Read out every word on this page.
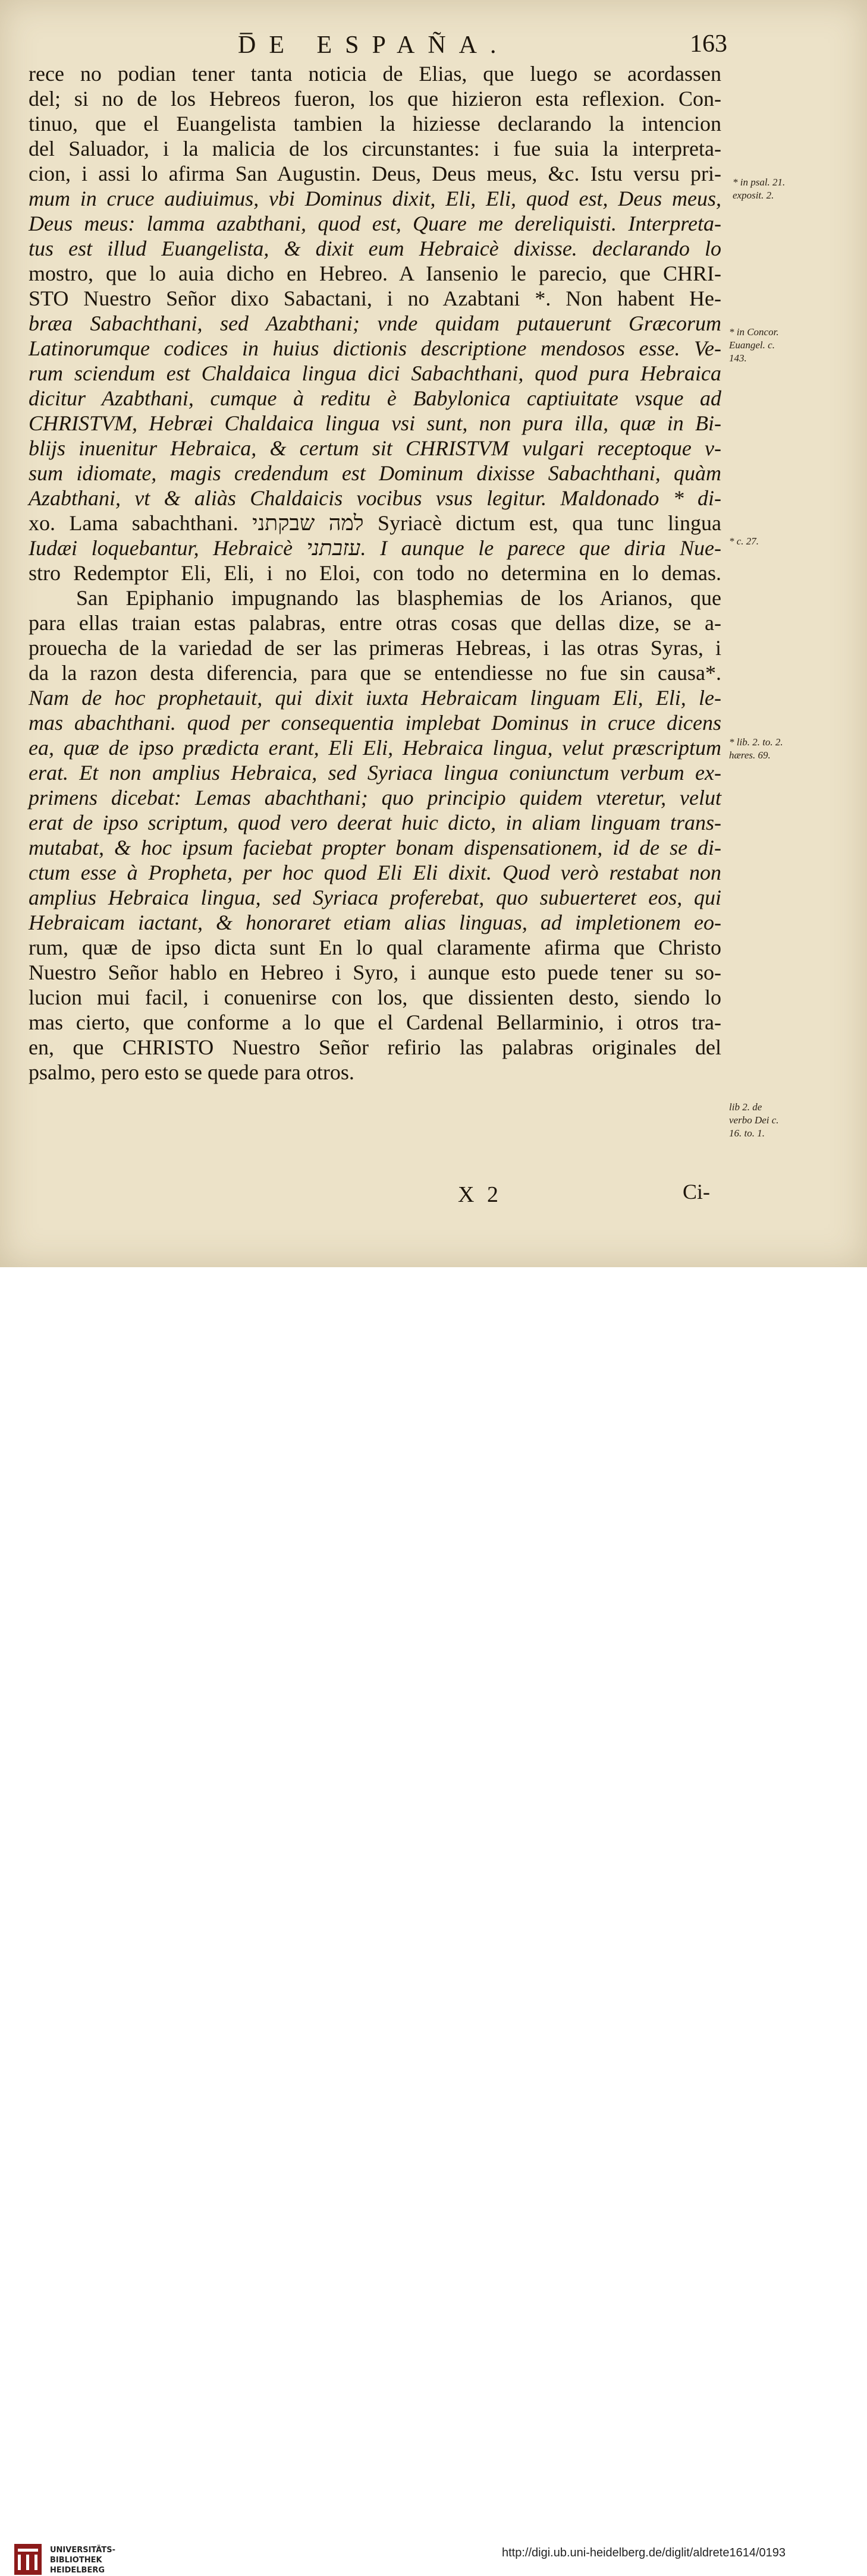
D̅E ESPAÑA.	163
rece no podian tener tanta noticia de Elias, que luego se acordassen
del; si no de los Hebreos fueron, los que hizieron esta reflexion. Con-
tinuo, que el Euangelista tambien la hiziesse declarando la intencion
del Saluador, i la malicia de los circunstantes: i fue suia la interpreta-
cion, i assi lo afirma San Augustin. Deus, Deus meus, &c. Istu versu pri-
mum in cruce audiuimus, vbi Dominus dixit, Eli, Eli, quod est, Deus meus,
Deus meus: lamma azabthani, quod est, Quare me dereliquisti. Interpreta-
tus est illud Euangelista, & dixit eum Hebraicè dixisse. declarando lo
mostro, que lo auia dicho en Hebreo. A Iansenio le parecio, que CHRI-
STO Nuestro Señor dixo Sabactani, i no Azabtani *. Non habent He-
bræa Sabachthani, sed Azabthani; vnde quidam putauerunt Græcorum
Latinorumque codices in huius dictionis descriptione mendosos esse. Ve-
rum sciendum est Chaldaica lingua dici Sabachthani, quod pura Hebraica
dicitur Azabthani, cumque à reditu è Babylonica captiuitate vsque ad
CHRISTVM, Hebræi Chaldaica lingua vsi sunt, non pura illa, quæ in Bi-
blijs inuenitur Hebraica, & certum sit CHRISTVM vulgari receptoque v-
sum idiomate, magis credendum est Dominum dixisse Sabachthani, quàm
Azabthani, vt & aliàs Chaldaicis vocibus vsus legitur. Maldonado * di-
xo. Lama sabachthani. למה שבקתני Syriacè dictum est, qua tunc lingua
Iudæi loquebantur, Hebraicè עזבתני. I aunque le parece que diria Nue-
stro Redemptor Eli, Eli, i no Eloi, con todo no determina en lo demas.
San Epiphanio impugnando las blasphemias de los Arianos, que
para ellas traian estas palabras, entre otras cosas que dellas dize, se a-
prouecha de la variedad de ser las primeras Hebreas, i las otras Syras, i
da la razon desta diferencia, para que se entendiesse no fue sin causa*.
Nam de hoc prophetauit, qui dixit iuxta Hebraicam linguam Eli, Eli, le-
mas abachthani. quod per consequentia implebat Dominus in cruce dicens
ea, quæ de ipso prædicta erant, Eli Eli, Hebraica lingua, velut præscriptum
erat. Et non amplius Hebraica, sed Syriaca lingua coniunctum verbum ex-
primens dicebat: Lemas abachthani; quo principio quidem vteretur, velut
erat de ipso scriptum, quod vero deerat huic dicto, in aliam linguam trans-
mutabat, & hoc ipsum faciebat propter bonam dispensationem, id de se di-
ctum esse à Propheta, per hoc quod Eli Eli dixit. Quod verò restabat non
amplius Hebraica lingua, sed Syriaca proferebat, quo subuerteret eos, qui
Hebraicam iactant, & honoraret etiam alias linguas, ad impletionem eo-
rum, quæ de ipso dicta sunt En lo qual claramente afirma que Christo
Nuestro Señor hablo en Hebreo i Syro, i aunque esto puede tener su so-
lucion mui facil, i conuenirse con los, que dissienten desto, siendo lo
mas cierto, que conforme a lo que el Cardenal Bellarminio, i otros tra-
en, que CHRISTO Nuestro Señor refirio las palabras originales del
psalmo, pero esto se quede para otros.
* in psal. 21.
exposit. 2.
* in Concor.
Euangel. c.
143.
* c. 27.
* lib. 2. to. 2.
hæres. 69.
lib 2. de
verbo Dei c.
16. to. 1.
X 2	Ci-
UNIVERSITÄTS-
BIBLIOTHEK
HEIDELBERG
http://digi.ub.uni-heidelberg.de/diglit/aldrete1614/0193
